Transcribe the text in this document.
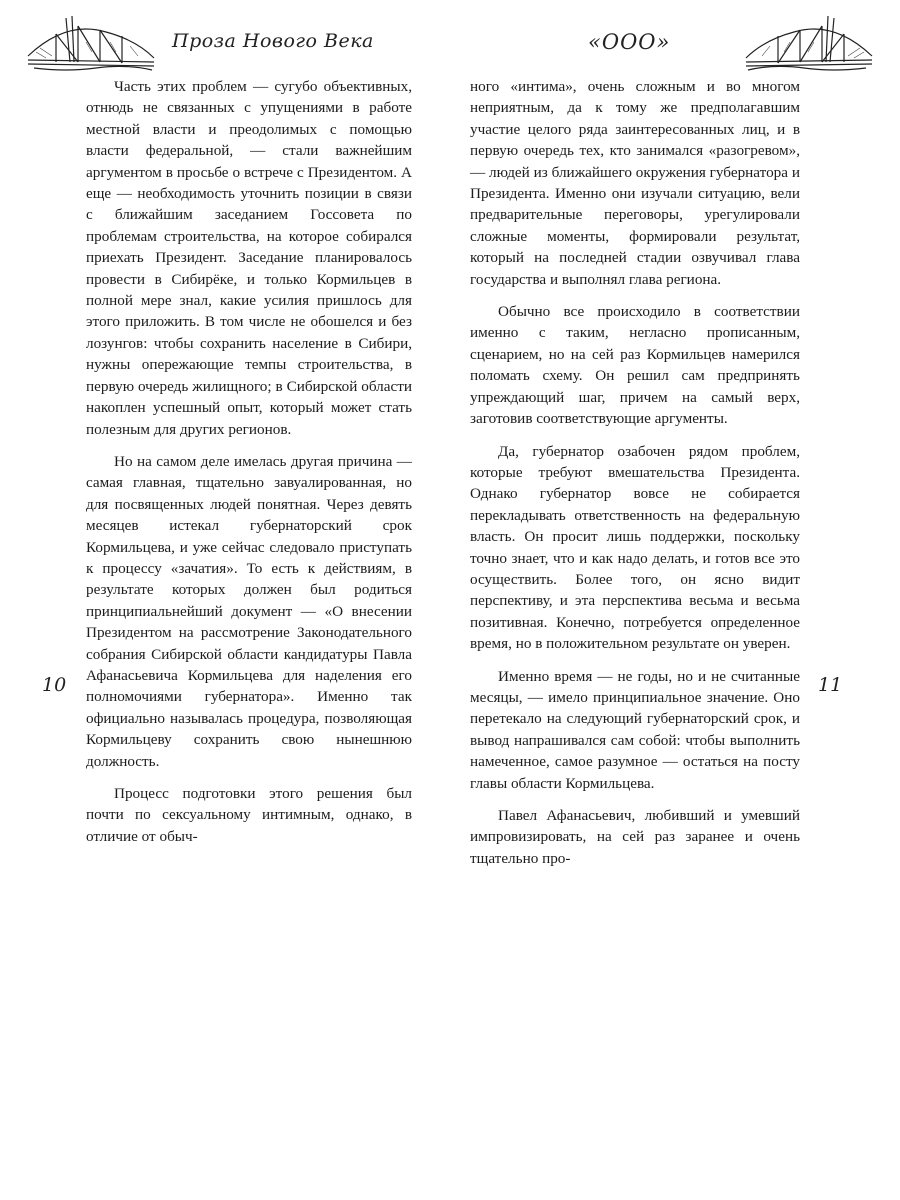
Проза Нового Века	«ООО»

Часть этих проблем — сугубо объективных, отнюдь не связанных с упущениями в работе местной власти и преодолимых с помощью власти федеральной, — стали важнейшим аргументом в просьбе о встрече с Президентом. А еще — необходимость уточнить позиции в связи с ближайшим заседанием Госсовета по проблемам строительства, на которое собирался приехать Президент. Заседание планировалось провести в Сибирёке, и только Кормильцев в полной мере знал, какие усилия пришлось для этого приложить. В том числе не обошелся и без лозунгов: чтобы сохранить население в Сибири, нужны опережающие темпы строительства, в первую очередь жилищного; в Сибирской области накоплен успешный опыт, который может стать полезным для других регионов.

Но на самом деле имелась другая причина — самая главная, тщательно завуалированная, но для посвященных людей понятная. Через девять месяцев истекал губернаторский срок Кормильцева, и уже сейчас следовало приступать к процессу «зачатия». То есть к действиям, в результате которых должен был родиться принципиальнейший документ — «О внесении Президентом на рассмотрение Законодательного собрания Сибирской области кандидатуры Павла Афанасьевича Кормильцева для наделения его полномочиями губернатора». Именно так официально называлась процедура, позволяющая Кормильцеву сохранить свою нынешнюю должность.

Процесс подготовки этого решения был почти по сексуальному интимным, однако, в отличие от обыч-

ного «интима», очень сложным и во многом неприятным, да к тому же предполагавшим участие целого ряда заинтересованных лиц, и в первую очередь тех, кто занимался «разогревом», — людей из ближайшего окружения губернатора и Президента. Именно они изучали ситуацию, вели предварительные переговоры, урегулировали сложные моменты, формировали результат, который на последней стадии озвучивал глава государства и выполнял глава региона.

Обычно все происходило в соответствии именно с таким, негласно прописанным, сценарием, но на сей раз Кормильцев намерился поломать схему. Он решил сам предпринять упреждающий шаг, причем на самый верх, заготовив соответствующие аргументы.

Да, губернатор озабочен рядом проблем, которые требуют вмешательства Президента. Однако губернатор вовсе не собирается перекладывать ответственность на федеральную власть. Он просит лишь поддержки, поскольку точно знает, что и как надо делать, и готов все это осуществить. Более того, он ясно видит перспективу, и эта перспектива весьма и весьма позитивная. Конечно, потребуется определенное время, но в положительном результате он уверен.

Именно время — не годы, но и не считанные месяцы, — имело принципиальное значение. Оно перетекало на следующий губернаторский срок, и вывод напрашивался сам собой: чтобы выполнить намеченное, самое разумное — остаться на посту главы области Кормильцева.

Павел Афанасьевич, любивший и умевший импровизировать, на сей раз заранее и очень тщательно про-

10	11
